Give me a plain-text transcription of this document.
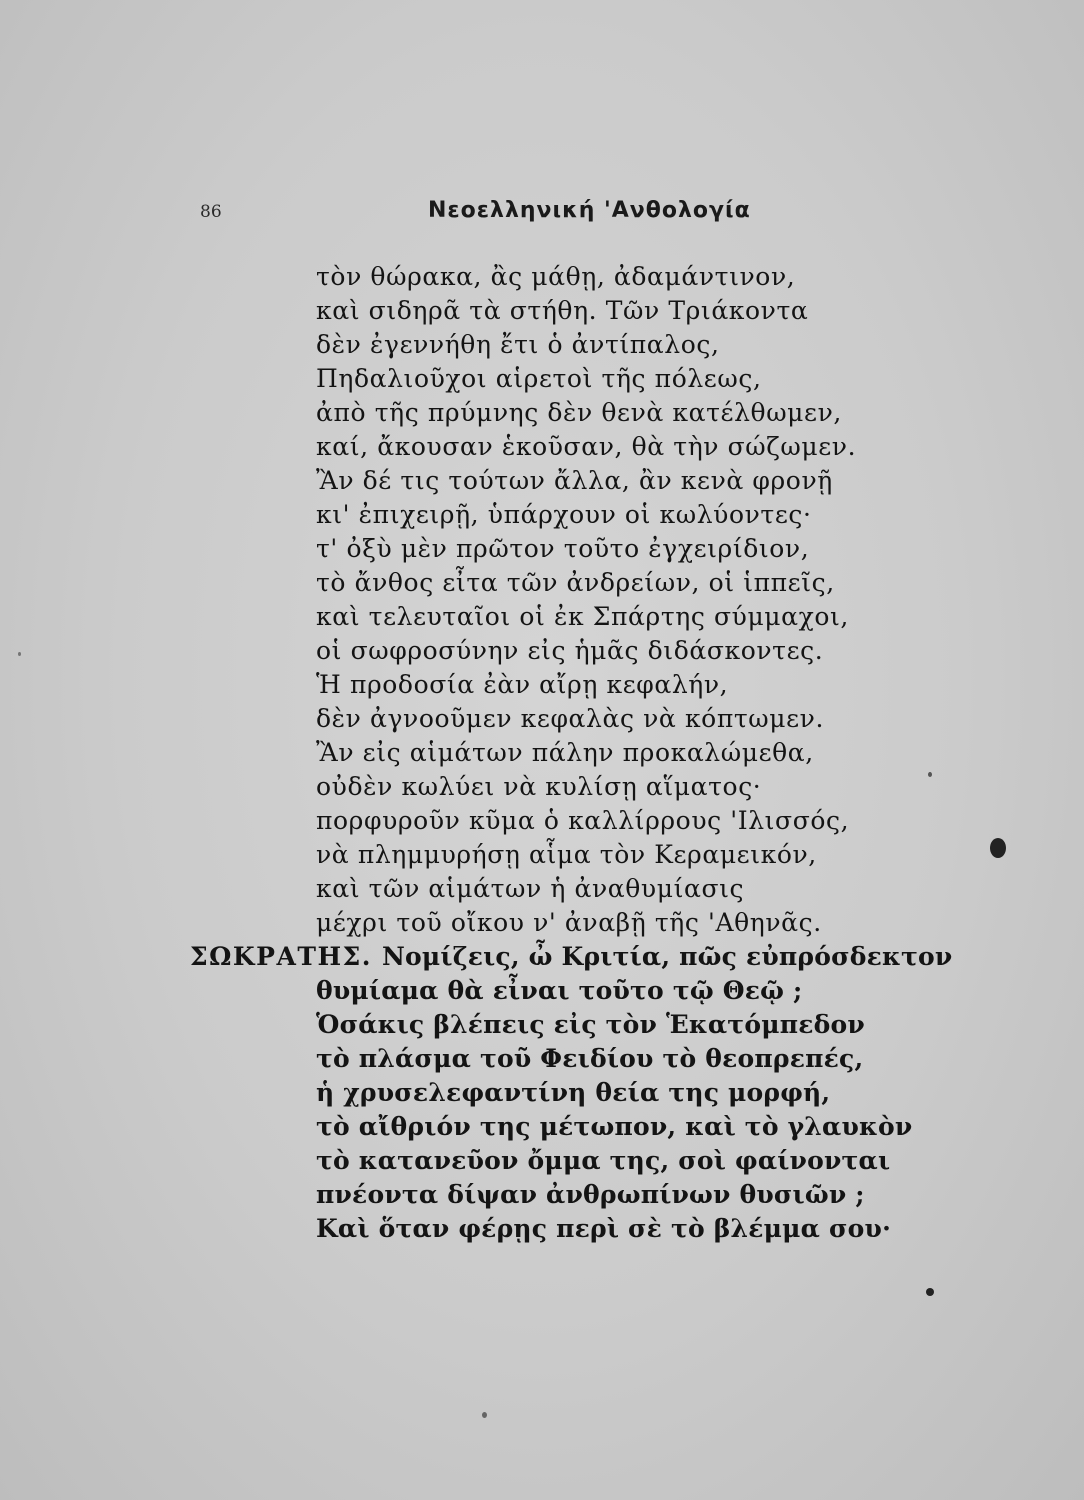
86	Νεοελληνική 'Ανθολογία
τὸν θώρακα, ἂς μάθῃ, ἀδαμάντινον,
καὶ σιδηρᾶ τὰ στήθη. Τῶν Τριάκοντα
δὲν ἐγεννήθη ἔτι ὁ ἀντίπαλος,
Πηδαλιοῦχοι αἱρετοὶ τῆς πόλεως,
ἀπὸ τῆς πρύμνης δὲν θενὰ κατέλθωμεν,
καί, ἄκουσαν ἑκοῦσαν, θὰ τὴν σώζωμεν.
Ἂν δέ τις τούτων ἄλλα, ἂν κενὰ φρονῇ
κι' ἐπιχειρῇ, ὑπάρχουν οἱ κωλύοντες·
τ' ὀξὺ μὲν πρῶτον τοῦτο ἐγχειρίδιον,
τὸ ἄνθος εἶτα τῶν ἀνδρείων, οἱ ἱππεῖς,
καὶ τελευταῖοι οἱ ἐκ Σπάρτης σύμμαχοι,
οἱ σωφροσύνην εἰς ἡμᾶς διδάσκοντες.
Ἡ προδοσία ἐὰν αἴρῃ κεφαλήν,
δὲν ἀγνοοῦμεν κεφαλὰς νὰ κόπτωμεν.
Ἂν εἰς αἱμάτων πάλην προκαλώμεθα,
οὐδὲν κωλύει νὰ κυλίσῃ αἵματος·
πορφυροῦν κῦμα ὁ καλλίρρους 'Ιλισσός,
νὰ πλημμυρήσῃ αἷμα τὸν Κεραμεικόν,
καὶ τῶν αἱμάτων ἡ ἀναθυμίασις
μέχρι τοῦ οἴκου ν' ἀναβῇ τῆς 'Αθηνᾶς.
ΣΩΚΡΑΤΗΣ. Νομίζεις, ὦ Κριτία, πῶς εὐπρόσδεκτον
θυμίαμα θὰ εἶναι τοῦτο τῷ Θεῷ ;
Ὁσάκις βλέπεις εἰς τὸν Ἑκατόμπεδον
τὸ πλάσμα τοῦ Φειδίου τὸ θεοπρεπές,
ἡ χρυσελεφαντίνη θεία της μορφή,
τὸ αἴθριόν της μέτωπον, καὶ τὸ γλαυκὸν
τὸ κατανεῦον ὄμμα της, σοὶ φαίνονται
πνέοντα δίψαν ἀνθρωπίνων θυσιῶν ;
Καὶ ὅταν φέρῃς περὶ σὲ τὸ βλέμμα σου·
